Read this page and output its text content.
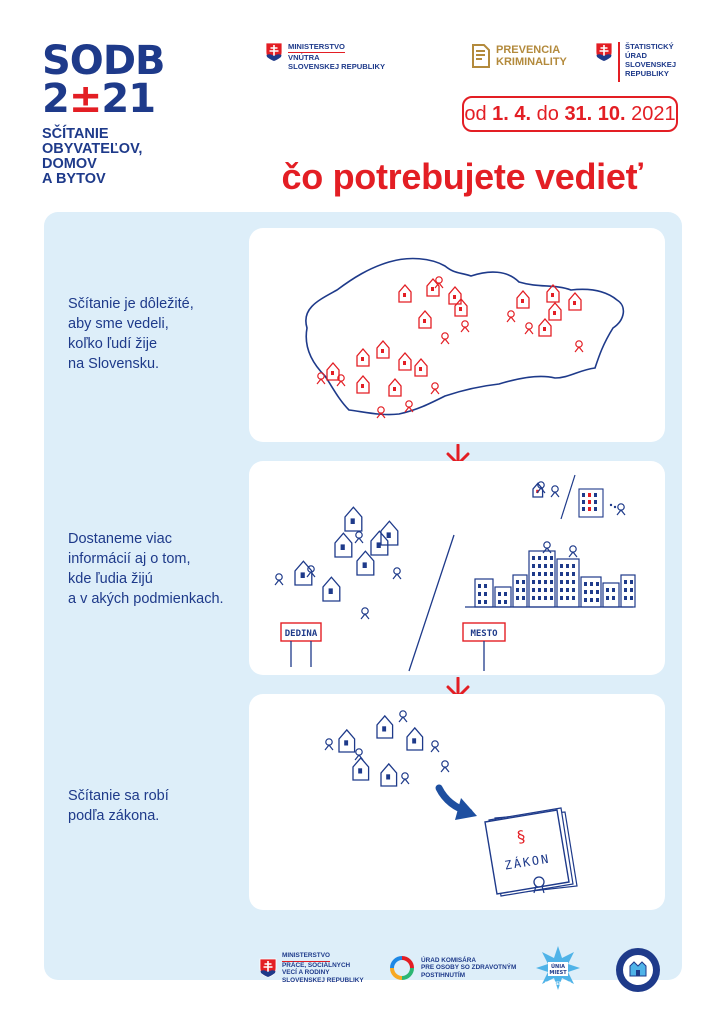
SODB
2±21
SČÍTANIE
OBYVATEĽOV,
DOMOV
A BYTOV
MINISTERSTVO
VNÚTRA
SLOVENSKEJ REPUBLIKY
PREVENCIA
KRIMINALITY
ŠTATISTICKÝ
ÚRAD
SLOVENSKEJ
REPUBLIKY
od
1. 4.
do
31. 10.
2021
čo potrebujete vedieť
Sčítanie je dôležité,
aby sme vedeli,
koľko ľudí žije
na Slovensku.
Dostaneme viac
informácií aj o tom,
kde ľudia žijú
a v akých podmienkach.
DEDINA	MESTO
Sčítanie sa robí
podľa zákona.
§
ZÁKON
MINISTERSTVO
PRÁCE, SOCIÁLNYCH
VECÍ A RODINY
SLOVENSKEJ REPUBLIKY
ÚRAD KOMISÁRA
PRE OSOBY SO ZDRAVOTNÝM
POSTIHNUTÍM
ÚNIA
MIEST
SLOVENSKA
